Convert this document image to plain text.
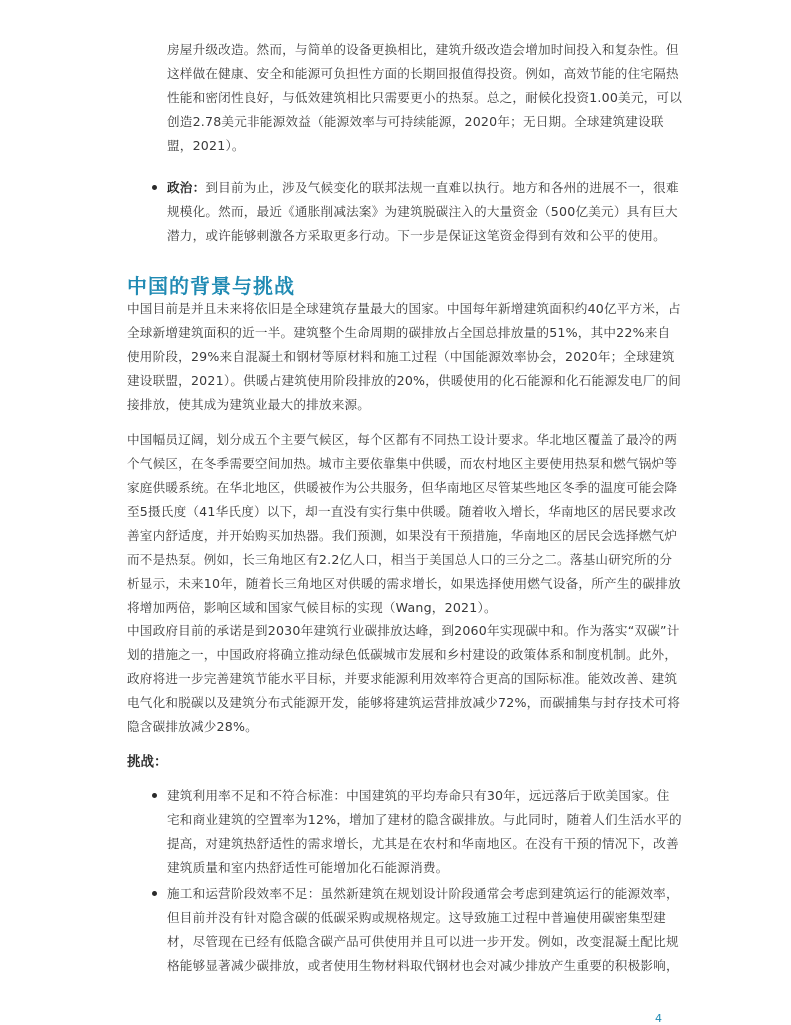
房屋升级改造。然而，与简单的设备更换相比，建筑升级改造会增加时间投入和复杂性。但这样做在健康、安全和能源可负担性方面的长期回报值得投资。例如，高效节能的住宅隔热性能和密闭性良好，与低效建筑相比只需要更小的热泵。总之，耐候化投资1.00美元，可以创造2.78美元非能源效益（能源效率与可持续能源，2020年；无日期。全球建筑建设联盟，2021）。
政治：到目前为止，涉及气候变化的联邦法规一直难以执行。地方和各州的进展不一，很难规模化。然而，最近《通胀削减法案》为建筑脱碳注入的大量资金（500亿美元）具有巨大潜力，或许能够刺激各方采取更多行动。下一步是保证这笔资金得到有效和公平的使用。
中国的背景与挑战
中国目前是并且未来将依旧是全球建筑存量最大的国家。中国每年新增建筑面积约40亿平方米，占全球新增建筑面积的近一半。建筑整个生命周期的碳排放占全国总排放量的51%，其中22%来自使用阶段，29%来自混凝土和钢材等原材料和施工过程（中国能源效率协会，2020年；全球建筑建设联盟，2021）。供暖占建筑使用阶段排放的20%，供暖使用的化石能源和化石能源发电厂的间接排放，使其成为建筑业最大的排放来源。
中国幅员辽阔，划分成五个主要气候区，每个区都有不同热工设计要求。华北地区覆盖了最冷的两个气候区，在冬季需要空间加热。城市主要依靠集中供暖，而农村地区主要使用热泵和燃气锅炉等家庭供暖系统。在华北地区，供暖被作为公共服务，但华南地区尽管某些地区冬季的温度可能会降至5摄氏度（41华氏度）以下，却一直没有实行集中供暖。随着收入增长，华南地区的居民要求改善室内舒适度，并开始购买加热器。我们预测，如果没有干预措施，华南地区的居民会选择燃气炉而不是热泵。例如，长三角地区有2.2亿人口，相当于美国总人口的三分之二。落基山研究所的分析显示，未来10年，随着长三角地区对供暖的需求增长，如果选择使用燃气设备，所产生的碳排放将增加两倍，影响区域和国家气候目标的实现（Wang，2021）。
中国政府目前的承诺是到2030年建筑行业碳排放达峰，到2060年实现碳中和。作为落实“双碳”计划的措施之一，中国政府将确立推动绿色低碳城市发展和乡村建设的政策体系和制度机制。此外，政府将进一步完善建筑节能水平目标，并要求能源利用效率符合更高的国际标准。能效改善、建筑电气化和脱碳以及建筑分布式能源开发，能够将建筑运营排放减少72%，而碳捕集与封存技术可将隐含碳排放减少28%。
挑战：
建筑利用率不足和不符合标准：中国建筑的平均寿命只有30年，远远落后于欧美国家。住宅和商业建筑的空置率为12%，增加了建材的隐含碳排放。与此同时，随着人们生活水平的提高，对建筑热舒适性的需求增长，尤其是在农村和华南地区。在没有干预的情况下，改善建筑质量和室内热舒适性可能增加化石能源消费。
施工和运营阶段效率不足：虽然新建筑在规划设计阶段通常会考虑到建筑运行的能源效率，但目前并没有针对隐含碳的低碳采购或规格规定。这导致施工过程中普遍使用碳密集型建材，尽管现在已经有低隐含碳产品可供使用并且可以进一步开发。例如，改变混凝土配比规格能够显著减少碳排放，或者使用生物材料取代钢材也会对减少排放产生重要的积极影响，
4
